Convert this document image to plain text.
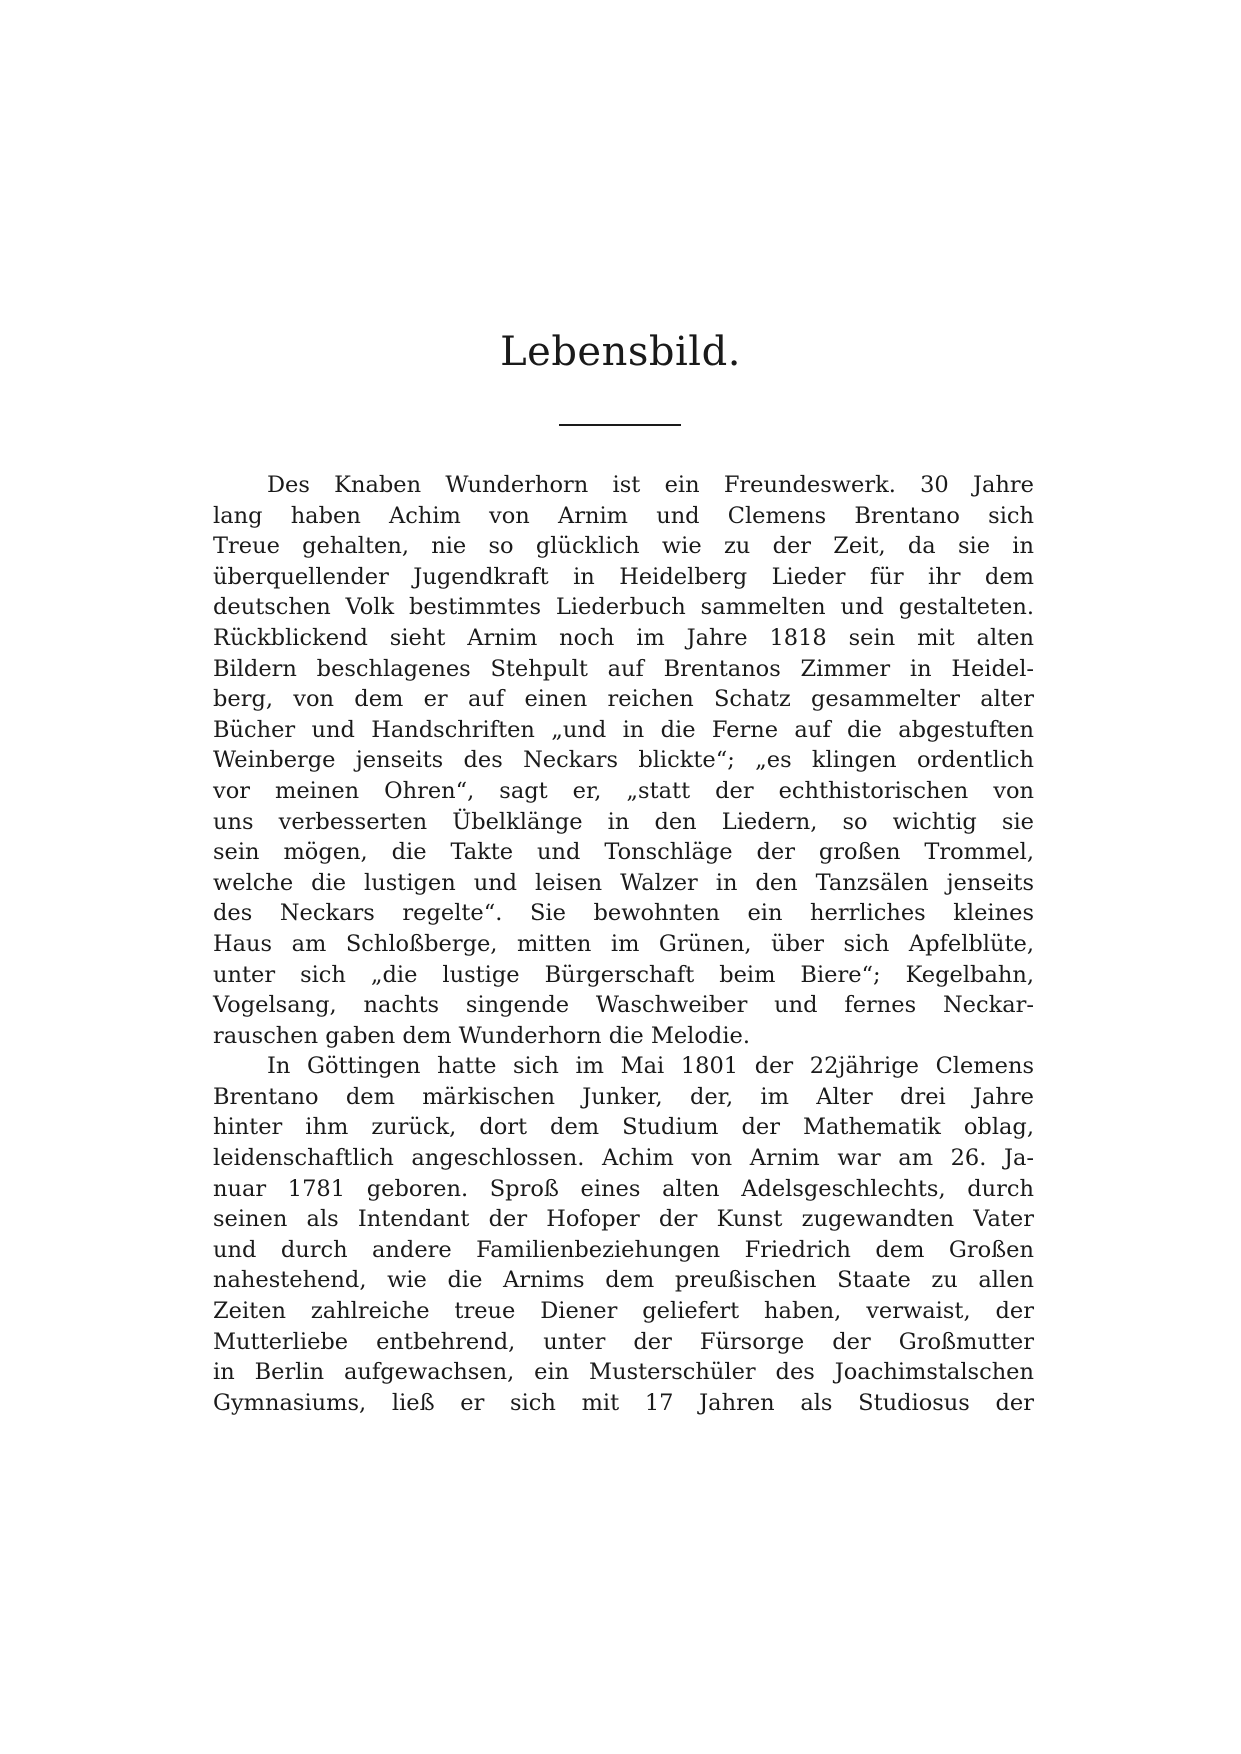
Lebensbild.
Des Knaben Wunderhorn ist ein Freundeswerk. 30 Jahre
lang haben Achim von Arnim und Clemens Brentano sich
Treue gehalten, nie so glücklich wie zu der Zeit, da sie in
überquellender Jugendkraft in Heidelberg Lieder für ihr dem
deutschen Volk bestimmtes Liederbuch sammelten und gestalteten.
Rückblickend sieht Arnim noch im Jahre 1818 sein mit alten
Bildern beschlagenes Stehpult auf Brentanos Zimmer in Heidel-
berg, von dem er auf einen reichen Schatz gesammelter alter
Bücher und Handschriften „und in die Ferne auf die abgestuften
Weinberge jenseits des Neckars blickte“; „es klingen ordentlich
vor meinen Ohren“, sagt er, „statt der echthistorischen von
uns verbesserten Übelklänge in den Liedern, so wichtig sie
sein mögen, die Takte und Tonschläge der großen Trommel,
welche die lustigen und leisen Walzer in den Tanzsälen jenseits
des Neckars regelte“. Sie bewohnten ein herrliches kleines
Haus am Schloßberge, mitten im Grünen, über sich Apfelblüte,
unter sich „die lustige Bürgerschaft beim Biere“; Kegelbahn,
Vogelsang, nachts singende Waschweiber und fernes Neckar-
rauschen gaben dem Wunderhorn die Melodie.
In Göttingen hatte sich im Mai 1801 der 22jährige Clemens
Brentano dem märkischen Junker, der, im Alter drei Jahre
hinter ihm zurück, dort dem Studium der Mathematik oblag,
leidenschaftlich angeschlossen. Achim von Arnim war am 26. Ja-
nuar 1781 geboren. Sproß eines alten Adelsgeschlechts, durch
seinen als Intendant der Hofoper der Kunst zugewandten Vater
und durch andere Familienbeziehungen Friedrich dem Großen
nahestehend, wie die Arnims dem preußischen Staate zu allen
Zeiten zahlreiche treue Diener geliefert haben, verwaist, der
Mutterliebe entbehrend, unter der Fürsorge der Großmutter
in Berlin aufgewachsen, ein Musterschüler des Joachimstalschen
Gymnasiums, ließ er sich mit 17 Jahren als Studiosus der
